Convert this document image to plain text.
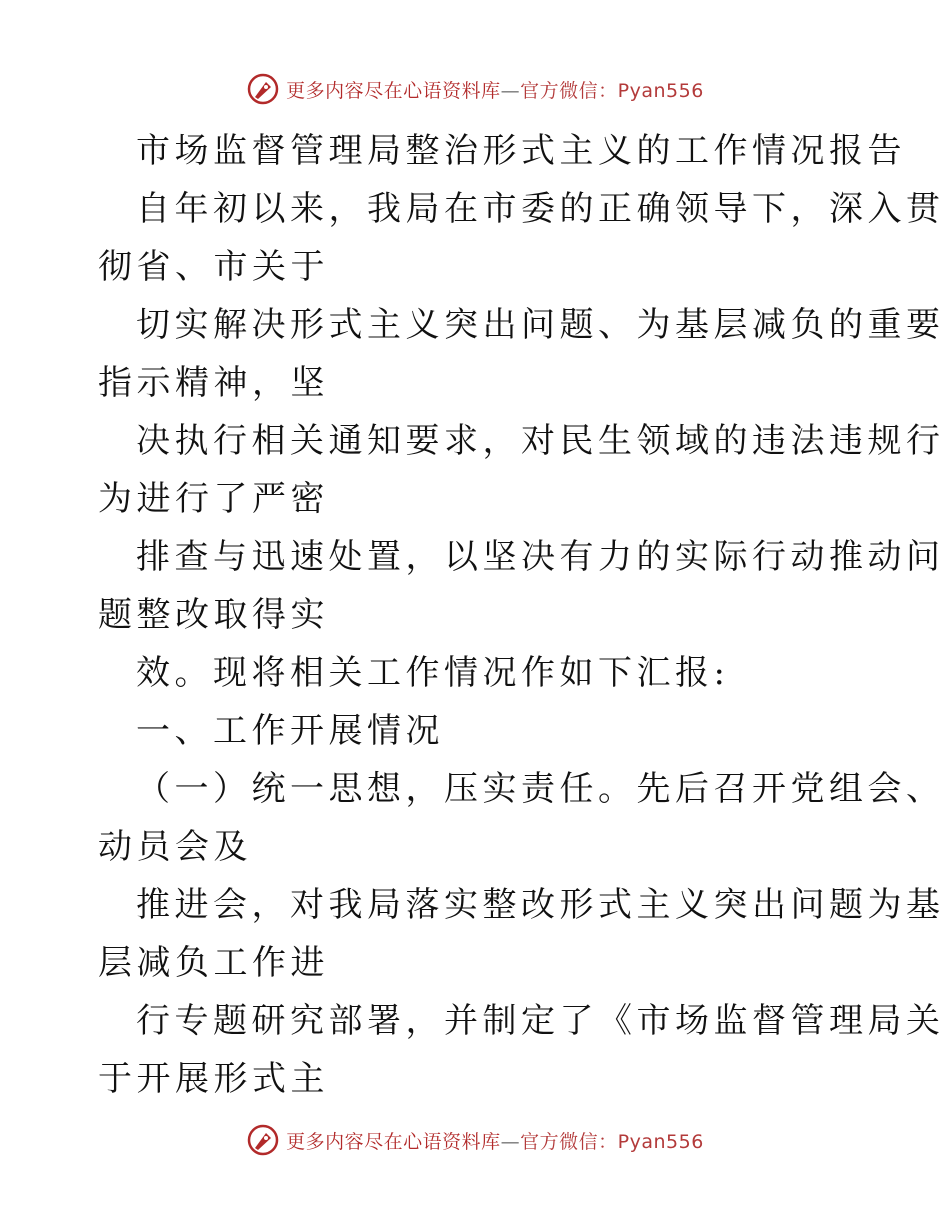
更多内容尽在心语资料库—官方微信：Pyan556
市场监督管理局整治形式主义的工作情况报告
自年初以来，我局在市委的正确领导下，深入贯
彻省、市关于
切实解决形式主义突出问题、为基层减负的重要
指示精神，坚
决执行相关通知要求，对民生领域的违法违规行
为进行了严密
排查与迅速处置，以坚决有力的实际行动推动问
题整改取得实
效。现将相关工作情况作如下汇报:
一、工作开展情况
（一）统一思想，压实责任。先后召开党组会、
动员会及
推进会，对我局落实整改形式主义突出问题为基
层减负工作进
行专题研究部署，并制定了《市场监督管理局关
于开展形式主
更多内容尽在心语资料库—官方微信：Pyan556
